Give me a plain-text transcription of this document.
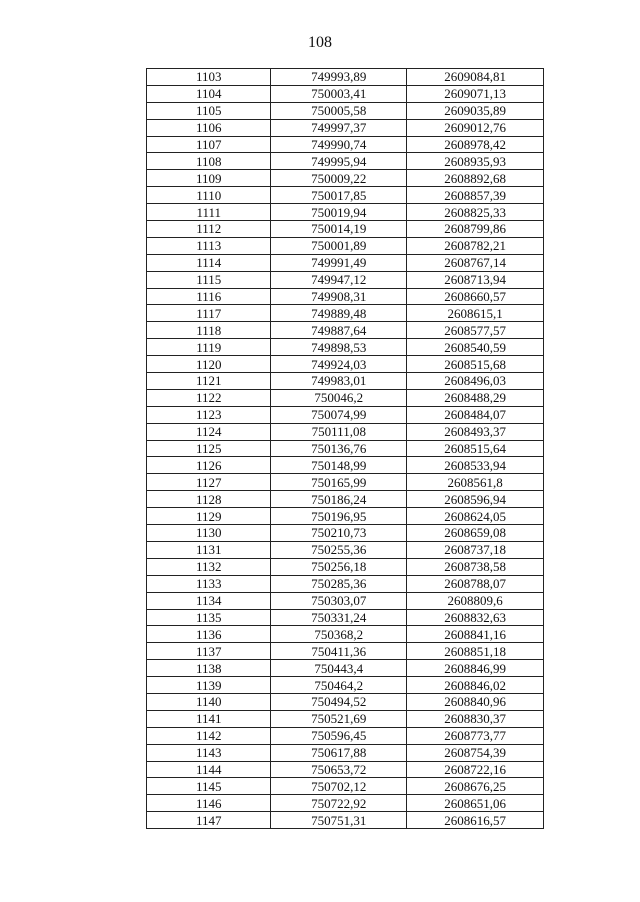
108
1103	749993,89	2609084,81
1104	750003,41	2609071,13
1105	750005,58	2609035,89
1106	749997,37	2609012,76
1107	749990,74	2608978,42
1108	749995,94	2608935,93
1109	750009,22	2608892,68
1110	750017,85	2608857,39
1111	750019,94	2608825,33
1112	750014,19	2608799,86
1113	750001,89	2608782,21
1114	749991,49	2608767,14
1115	749947,12	2608713,94
1116	749908,31	2608660,57
1117	749889,48	2608615,1
1118	749887,64	2608577,57
1119	749898,53	2608540,59
1120	749924,03	2608515,68
1121	749983,01	2608496,03
1122	750046,2	2608488,29
1123	750074,99	2608484,07
1124	750111,08	2608493,37
1125	750136,76	2608515,64
1126	750148,99	2608533,94
1127	750165,99	2608561,8
1128	750186,24	2608596,94
1129	750196,95	2608624,05
1130	750210,73	2608659,08
1131	750255,36	2608737,18
1132	750256,18	2608738,58
1133	750285,36	2608788,07
1134	750303,07	2608809,6
1135	750331,24	2608832,63
1136	750368,2	2608841,16
1137	750411,36	2608851,18
1138	750443,4	2608846,99
1139	750464,2	2608846,02
1140	750494,52	2608840,96
1141	750521,69	2608830,37
1142	750596,45	2608773,77
1143	750617,88	2608754,39
1144	750653,72	2608722,16
1145	750702,12	2608676,25
1146	750722,92	2608651,06
1147	750751,31	2608616,57
